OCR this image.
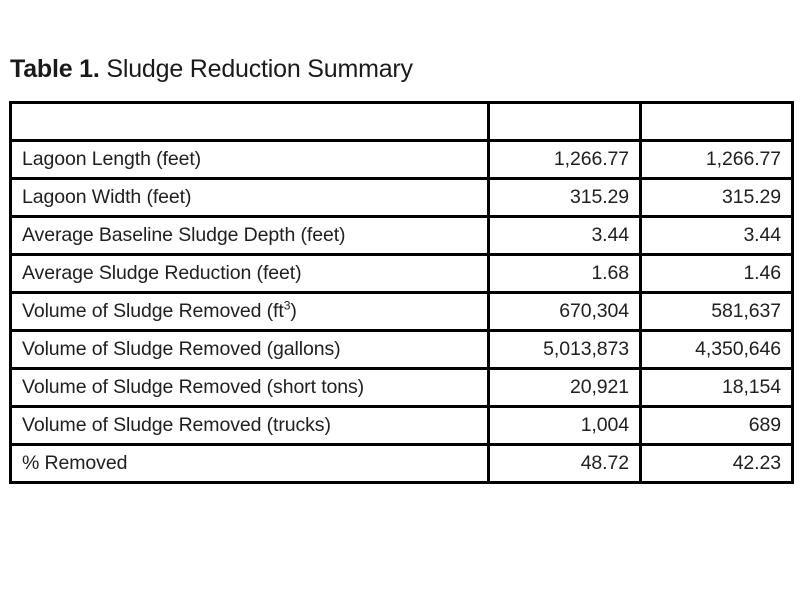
Table 1. Sludge Reduction Summary
Parameter (Unit)	Pond 1A	Pond 1B
Lagoon Length (feet)	1,266.77	1,266.77
Lagoon Width (feet)	315.29	315.29
Average Baseline Sludge Depth (feet)	3.44	3.44
Average Sludge Reduction (feet)	1.68	1.46
Volume of Sludge Removed $(ft^3)$	670,304	581,637
Volume of Sludge Removed (gallons)	5,013,873	4,350,646
Volume of Sludge Removed (short tons)	20,921	18,154
Volume of Sludge Removed (trucks)	1,004	689
% Removed	48.72	42.23
